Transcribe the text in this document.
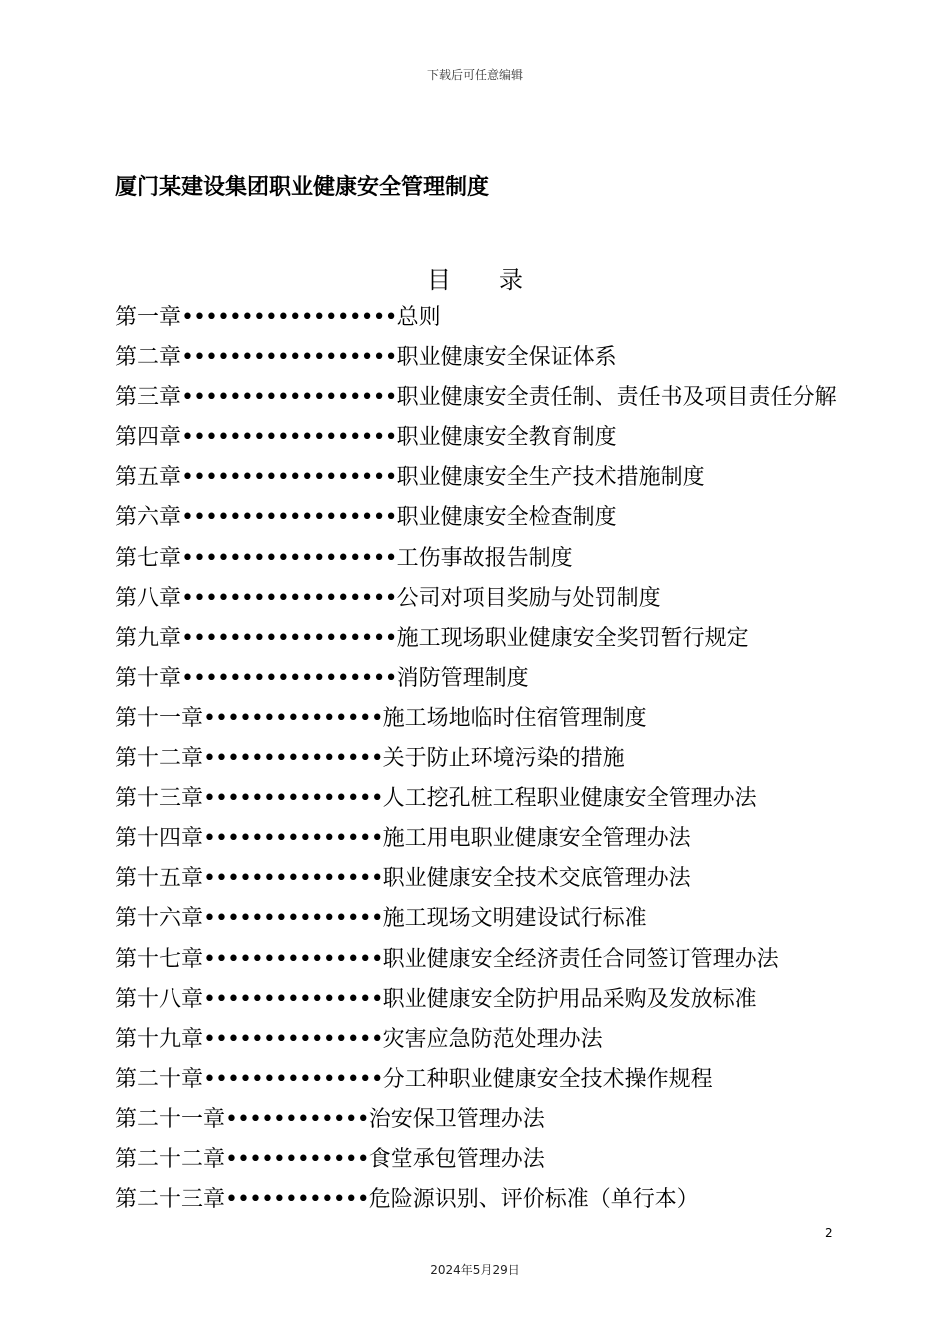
下载后可任意编辑
厦门某建设集团职业健康安全管理制度
目 录
第一章 •••••••••••••••••• 总则
第二章 •••••••••••••••••• 职业健康安全保证体系
第三章 •••••••••••••••••• 职业健康安全责任制、责任书及项目责任分解
第四章 •••••••••••••••••• 职业健康安全教育制度
第五章 •••••••••••••••••• 职业健康安全生产技术措施制度
第六章 •••••••••••••••••• 职业健康安全检查制度
第七章 •••••••••••••••••• 工伤事故报告制度
第八章 •••••••••••••••••• 公司对项目奖励与处罚制度
第九章 •••••••••••••••••• 施工现场职业健康安全奖罚暂行规定
第十章 •••••••••••••••••• 消防管理制度
第十一章 ••••••••••••••• 施工场地临时住宿管理制度
第十二章 ••••••••••••••• 关于防止环境污染的措施
第十三章 ••••••••••••••• 人工挖孔桩工程职业健康安全管理办法
第十四章 ••••••••••••••• 施工用电职业健康安全管理办法
第十五章 ••••••••••••••• 职业健康安全技术交底管理办法
第十六章 ••••••••••••••• 施工现场文明建设试行标准
第十七章 ••••••••••••••• 职业健康安全经济责任合同签订管理办法
第十八章 ••••••••••••••• 职业健康安全防护用品采购及发放标准
第十九章 ••••••••••••••• 灾害应急防范处理办法
第二十章 ••••••••••••••• 分工种职业健康安全技术操作规程
第二十一章 •••••••••••• 治安保卫管理办法
第二十二章 •••••••••••• 食堂承包管理办法
第二十三章 •••••••••••• 危险源识别、评价标准（单行本）
2
2024年5月29日
